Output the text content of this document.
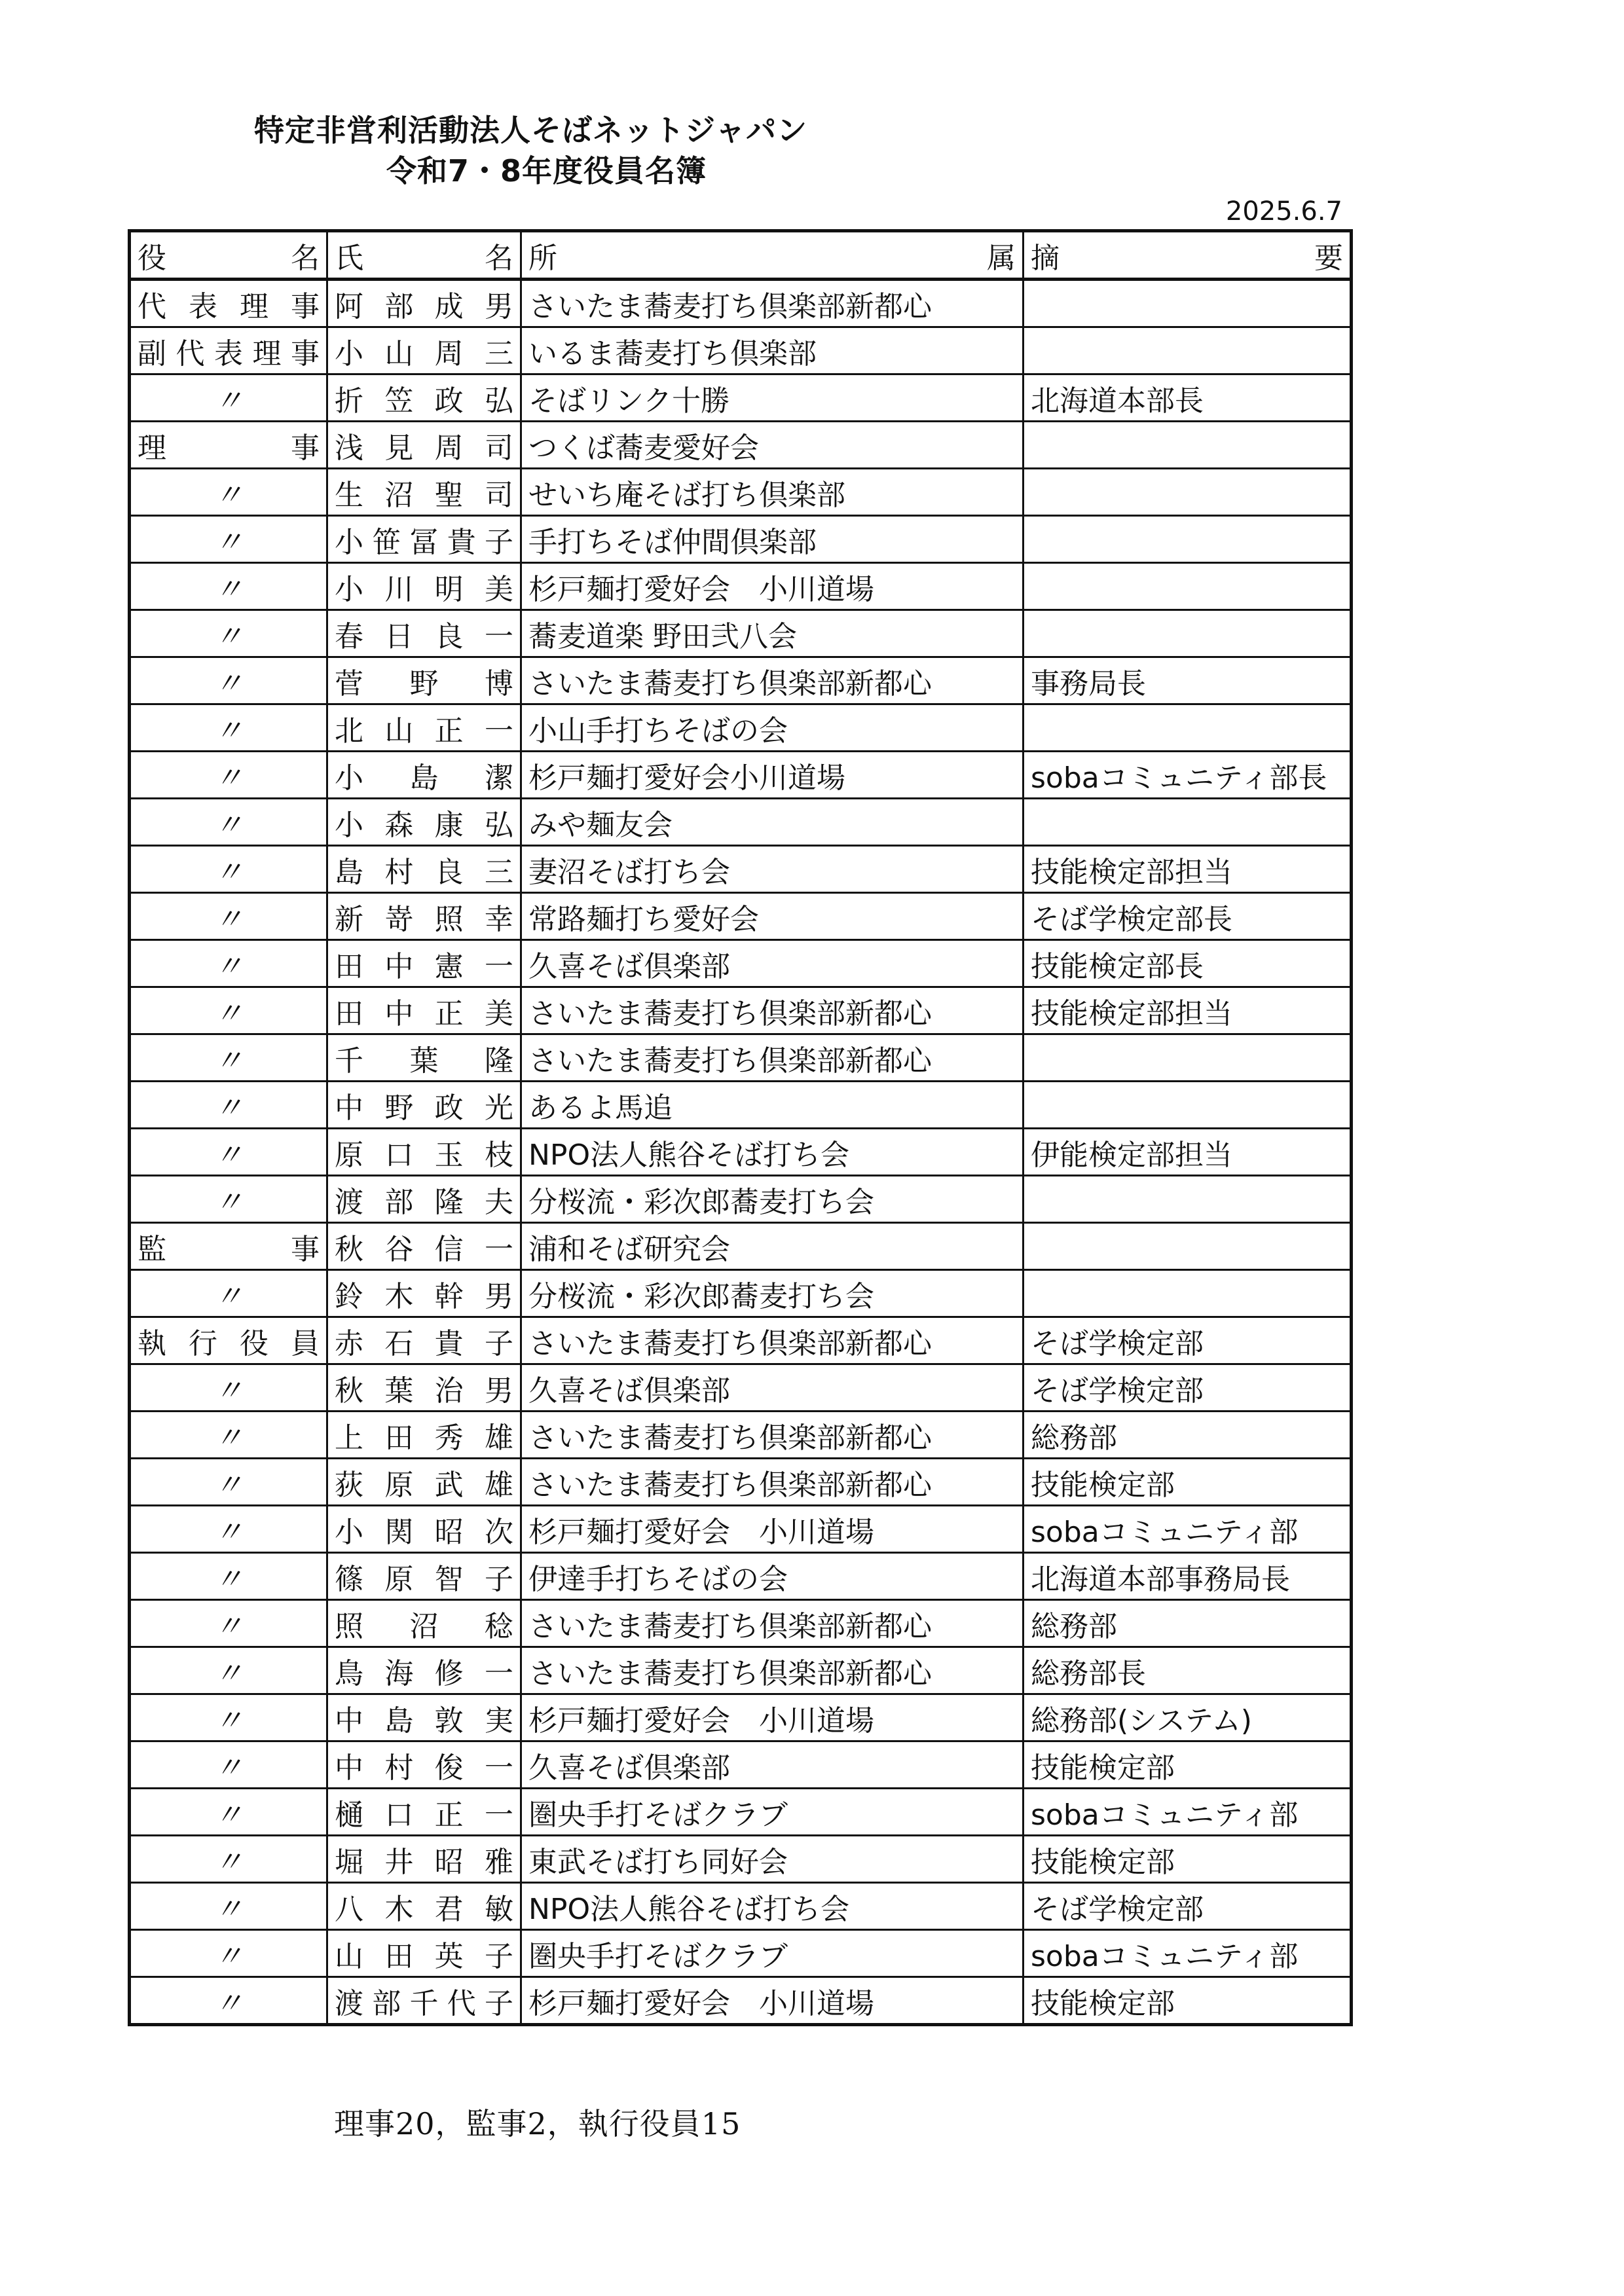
特定非営利活動法人そばネットジャパン
令和7・8年度役員名簿
2025.6.7
役 名	氏 名	所 属	摘 要

代 表 理 事	阿 部 成 男	さいたま蕎麦打ち倶楽部新都心	

副 代 表 理 事	小 山 周 三	いるま蕎麦打ち倶楽部	
〃	折 笠 政 弘	そばリンク十勝	北海道本部長

理 事	浅 見 周 司	つくば蕎麦愛好会	
〃	生 沼 聖 司	せいち庵そば打ち倶楽部	
〃	小 笹 冨 貴 子	手打ちそば仲間倶楽部	
〃	小 川 明 美	杉戸麺打愛好会　小川道場	
〃	春 日 良 一	蕎麦道楽 野田弐八会	
〃	菅 野 博	さいたま蕎麦打ち倶楽部新都心	事務局長
〃	北 山 正 一	小山手打ちそばの会	
〃	小 島 潔	杉戸麺打愛好会小川道場	sobaコミュニティ部長
〃	小 森 康 弘	みや麺友会	
〃	島 村 良 三	妻沼そば打ち会	技能検定部担当
〃	新 嵜 照 幸	常路麺打ち愛好会	そば学検定部長
〃	田 中 憲 一	久喜そば倶楽部	技能検定部長
〃	田 中 正 美	さいたま蕎麦打ち倶楽部新都心	技能検定部担当
〃	千 葉 隆	さいたま蕎麦打ち倶楽部新都心	
〃	中 野 政 光	あるよ馬追	
〃	原 口 玉 枝	NPO法人熊谷そば打ち会	伊能検定部担当
〃	渡 部 隆 夫	分桜流・彩次郎蕎麦打ち会	

監 事	秋 谷 信 一	浦和そば研究会	
〃	鈴 木 幹 男	分桜流・彩次郎蕎麦打ち会	

執 行 役 員	赤 石 貴 子	さいたま蕎麦打ち倶楽部新都心	そば学検定部
〃	秋 葉 治 男	久喜そば倶楽部	そば学検定部
〃	上 田 秀 雄	さいたま蕎麦打ち倶楽部新都心	総務部
〃	荻 原 武 雄	さいたま蕎麦打ち倶楽部新都心	技能検定部
〃	小 関 昭 次	杉戸麺打愛好会　小川道場	sobaコミュニティ部
〃	篠 原 智 子	伊達手打ちそばの会	北海道本部事務局長
〃	照 沼 稔	さいたま蕎麦打ち倶楽部新都心	総務部
〃	鳥 海 修 一	さいたま蕎麦打ち倶楽部新都心	総務部長
〃	中 島 敦 実	杉戸麺打愛好会　小川道場	総務部(システム)
〃	中 村 俊 一	久喜そば倶楽部	技能検定部
〃	樋 口 正 一	圏央手打そばクラブ	sobaコミュニティ部
〃	堀 井 昭 雅	東武そば打ち同好会	技能検定部
〃	八 木 君 敏	NPO法人熊谷そば打ち会	そば学検定部
〃	山 田 英 子	圏央手打そばクラブ	sobaコミュニティ部
〃	渡 部 千 代 子	杉戸麺打愛好会　小川道場	技能検定部
理事20，監事2，執行役員15
